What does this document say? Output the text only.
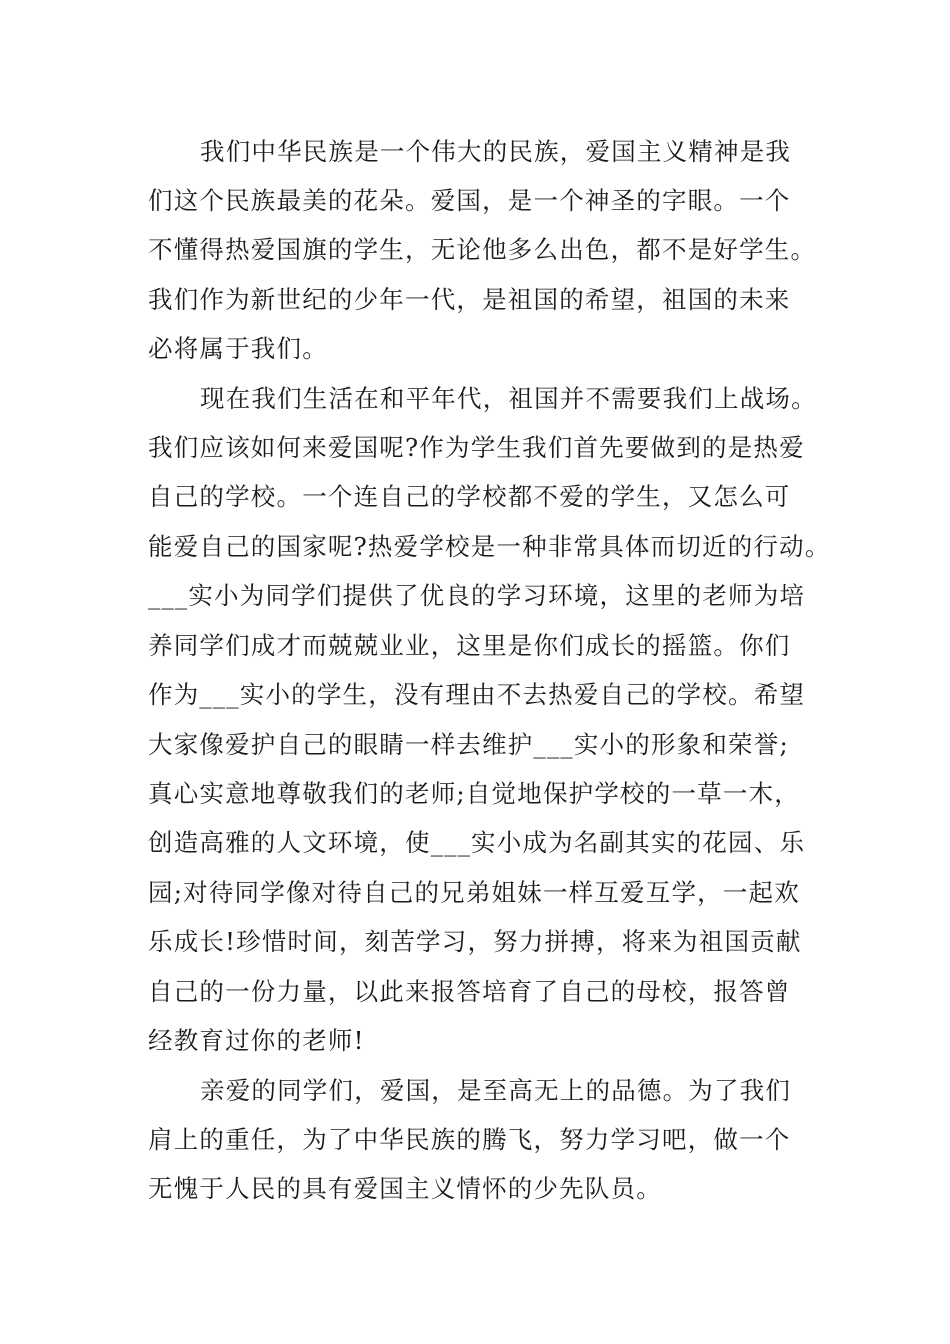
我们中华民族是一个伟大的民族，爱国主义精神是我
们这个民族最美的花朵。爱国，是一个神圣的字眼。一个
不懂得热爱国旗的学生，无论他多么出色，都不是好学生。
我们作为新世纪的少年一代，是祖国的希望，祖国的未来
必将属于我们。
现在我们生活在和平年代，祖国并不需要我们上战场。
我们应该如何来爱国呢?作为学生我们首先要做到的是热爱
自己的学校。一个连自己的学校都不爱的学生，又怎么可
能爱自己的国家呢?热爱学校是一种非常具体而切近的行动。
___实小为同学们提供了优良的学习环境，这里的老师为培
养同学们成才而兢兢业业，这里是你们成长的摇篮。你们
作为___实小的学生，没有理由不去热爱自己的学校。希望
大家像爱护自己的眼睛一样去维护___实小的形象和荣誉;
真心实意地尊敬我们的老师;自觉地保护学校的一草一木，
创造高雅的人文环境，使___实小成为名副其实的花园、乐
园;对待同学像对待自己的兄弟姐妹一样互爱互学，一起欢
乐成长!珍惜时间，刻苦学习，努力拼搏，将来为祖国贡献
自己的一份力量，以此来报答培育了自己的母校，报答曾
经教育过你的老师!
亲爱的同学们，爱国，是至高无上的品德。为了我们
肩上的重任，为了中华民族的腾飞，努力学习吧，做一个
无愧于人民的具有爱国主义情怀的少先队员。
